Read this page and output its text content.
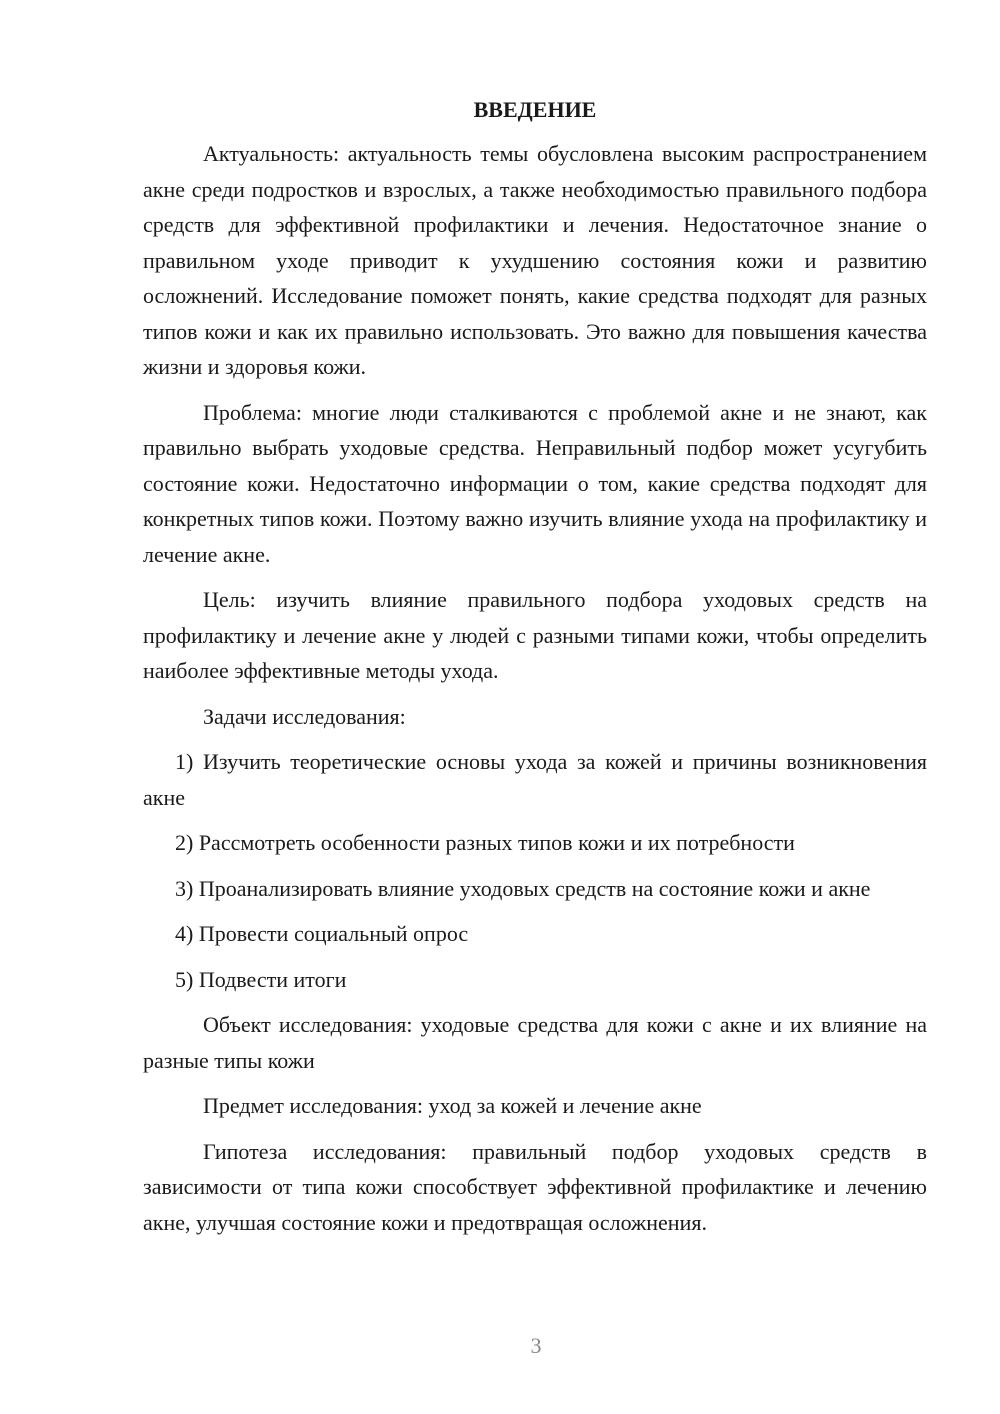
ВВЕДЕНИЕ

Актуальность: актуальность темы обусловлена высоким распространением акне среди подростков и взрослых, а также необходимостью правильного подбора средств для эффективной профилактики и лечения. Недостаточное знание о правильном уходе приводит к ухудшению состояния кожи и развитию осложнений. Исследование поможет понять, какие средства подходят для разных типов кожи и как их правильно использовать. Это важно для повышения качества жизни и здоровья кожи.

Проблема: многие люди сталкиваются с проблемой акне и не знают, как правильно выбрать уходовые средства. Неправильный подбор может усугубить состояние кожи. Недостаточно информации о том, какие средства подходят для конкретных типов кожи. Поэтому важно изучить влияние ухода на профилактику и лечение акне.

Цель: изучить влияние правильного подбора уходовых средств на профилактику и лечение акне у людей с разными типами кожи, чтобы определить наиболее эффективные методы ухода.

Задачи исследования:

1) Изучить теоретические основы ухода за кожей и причины возникновения акне

2) Рассмотреть особенности разных типов кожи и их потребности

3) Проанализировать влияние уходовых средств на состояние кожи и акне

4) Провести социальный опрос

5) Подвести итоги

Объект исследования: уходовые средства для кожи с акне и их влияние на разные типы кожи

Предмет исследования: уход за кожей и лечение акне

Гипотеза исследования: правильный подбор уходовых средств в зависимости от типа кожи способствует эффективной профилактике и лечению акне, улучшая состояние кожи и предотвращая осложнения.

3
